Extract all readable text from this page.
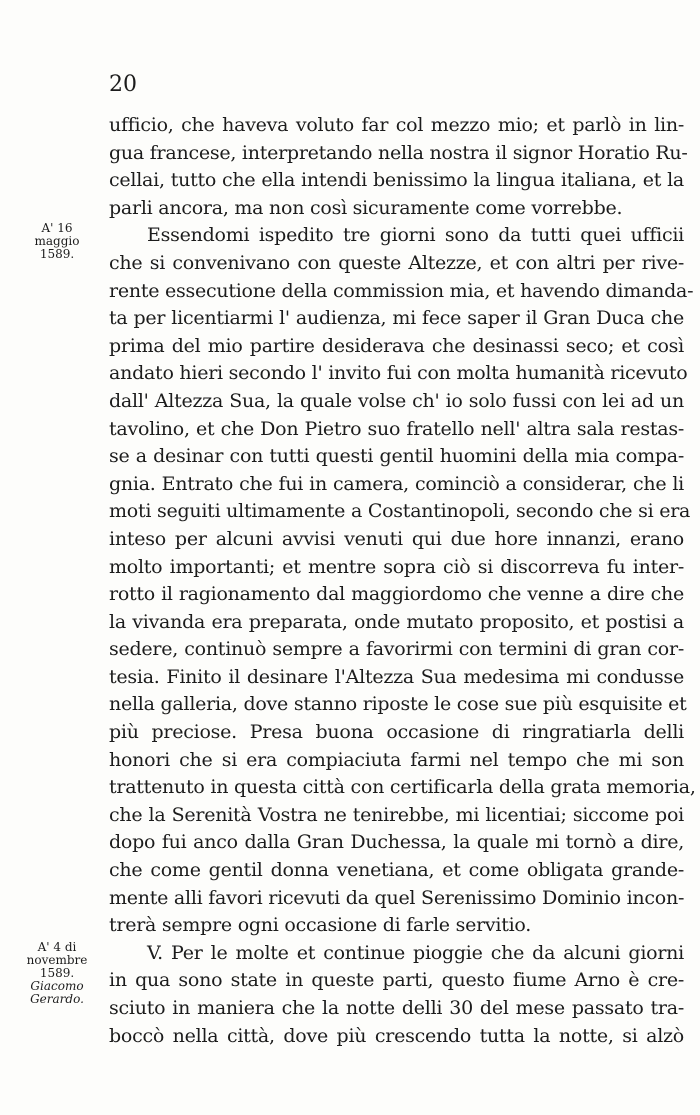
20
A' 16
maggio
1589.
A' 4 di
novembre
1589.
Giacomo
Gerardo.
ufficio, che haveva voluto far col mezzo mio; et parlò in lin-
gua francese, interpretando nella nostra il signor Horatio Ru-
cellai, tutto che ella intendi benissimo la lingua italiana, et la
parli ancora, ma non così sicuramente come vorrebbe.
Essendomi ispedito tre giorni sono da tutti quei ufficii
che si convenivano con queste Altezze, et con altri per rive-
rente essecutione della commission mia, et havendo dimanda-
ta per licentiarmi l' audienza, mi fece saper il Gran Duca che
prima del mio partire desiderava che desinassi seco; et così
andato hieri secondo l' invito fui con molta humanità ricevuto
dall' Altezza Sua, la quale volse ch' io solo fussi con lei ad un
tavolino, et che Don Pietro suo fratello nell' altra sala restas-
se a desinar con tutti questi gentil huomini della mia compa-
gnia. Entrato che fui in camera, cominciò a considerar, che li
moti seguiti ultimamente a Costantinopoli, secondo che si era
inteso per alcuni avvisi venuti qui due hore innanzi, erano
molto importanti; et mentre sopra ciò si discorreva fu inter-
rotto il ragionamento dal maggiordomo che venne a dire che
la vivanda era preparata, onde mutato proposito, et postisi a
sedere, continuò sempre a favorirmi con termini di gran cor-
tesia. Finito il desinare l'Altezza Sua medesima mi condusse
nella galleria, dove stanno riposte le cose sue più esquisite et
più preciose. Presa buona occasione di ringratiarla delli
honori che si era compiaciuta farmi nel tempo che mi son
trattenuto in questa città con certificarla della grata memoria,
che la Serenità Vostra ne tenirebbe, mi licentiai; siccome poi
dopo fui anco dalla Gran Duchessa, la quale mi tornò a dire,
che come gentil donna venetiana, et come obligata grande-
mente alli favori ricevuti da quel Serenissimo Dominio incon-
trerà sempre ogni occasione di farle servitio.
V. Per le molte et continue pioggie che da alcuni giorni
in qua sono state in queste parti, questo fiume Arno è cre-
sciuto in maniera che la notte delli 30 del mese passato tra-
boccò nella città, dove più crescendo tutta la notte, si alzò
